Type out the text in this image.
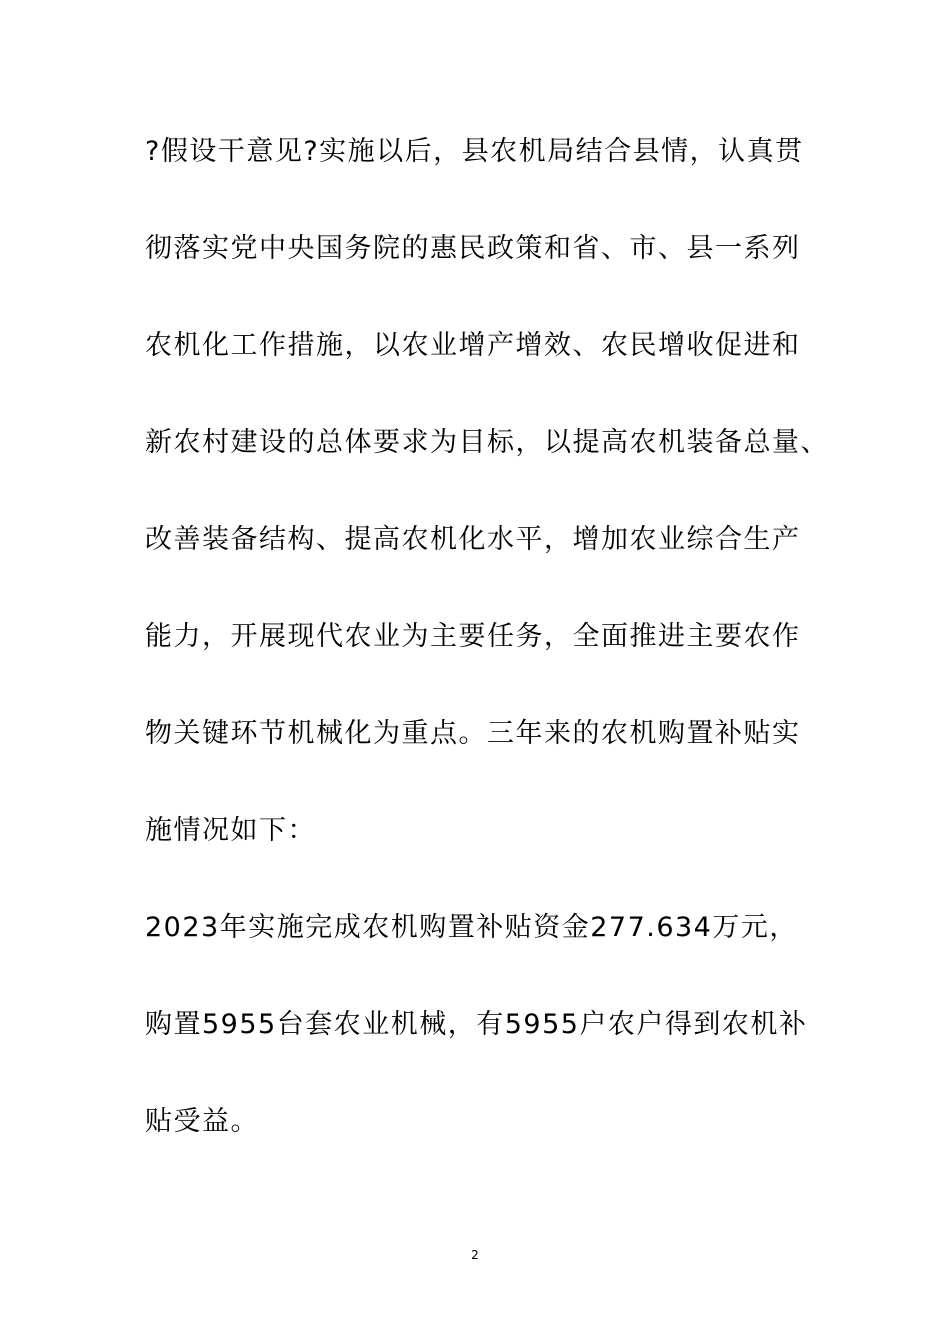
?假设干意见?实施以后，县农机局结合县情，认真贯
彻落实党中央国务院的惠民政策和省、市、县一系列
农机化工作措施，以农业增产增效、农民增收促进和
新农村建设的总体要求为目标，以提高农机装备总量、
改善装备结构、提高农机化水平，增加农业综合生产
能力，开展现代农业为主要任务，全面推进主要农作
物关键环节机械化为重点。三年来的农机购置补贴实
施情况如下：
2023年实施完成农机购置补贴资金277.634万元，
购置5955台套农业机械，有5955户农户得到农机补
贴受益。
2
